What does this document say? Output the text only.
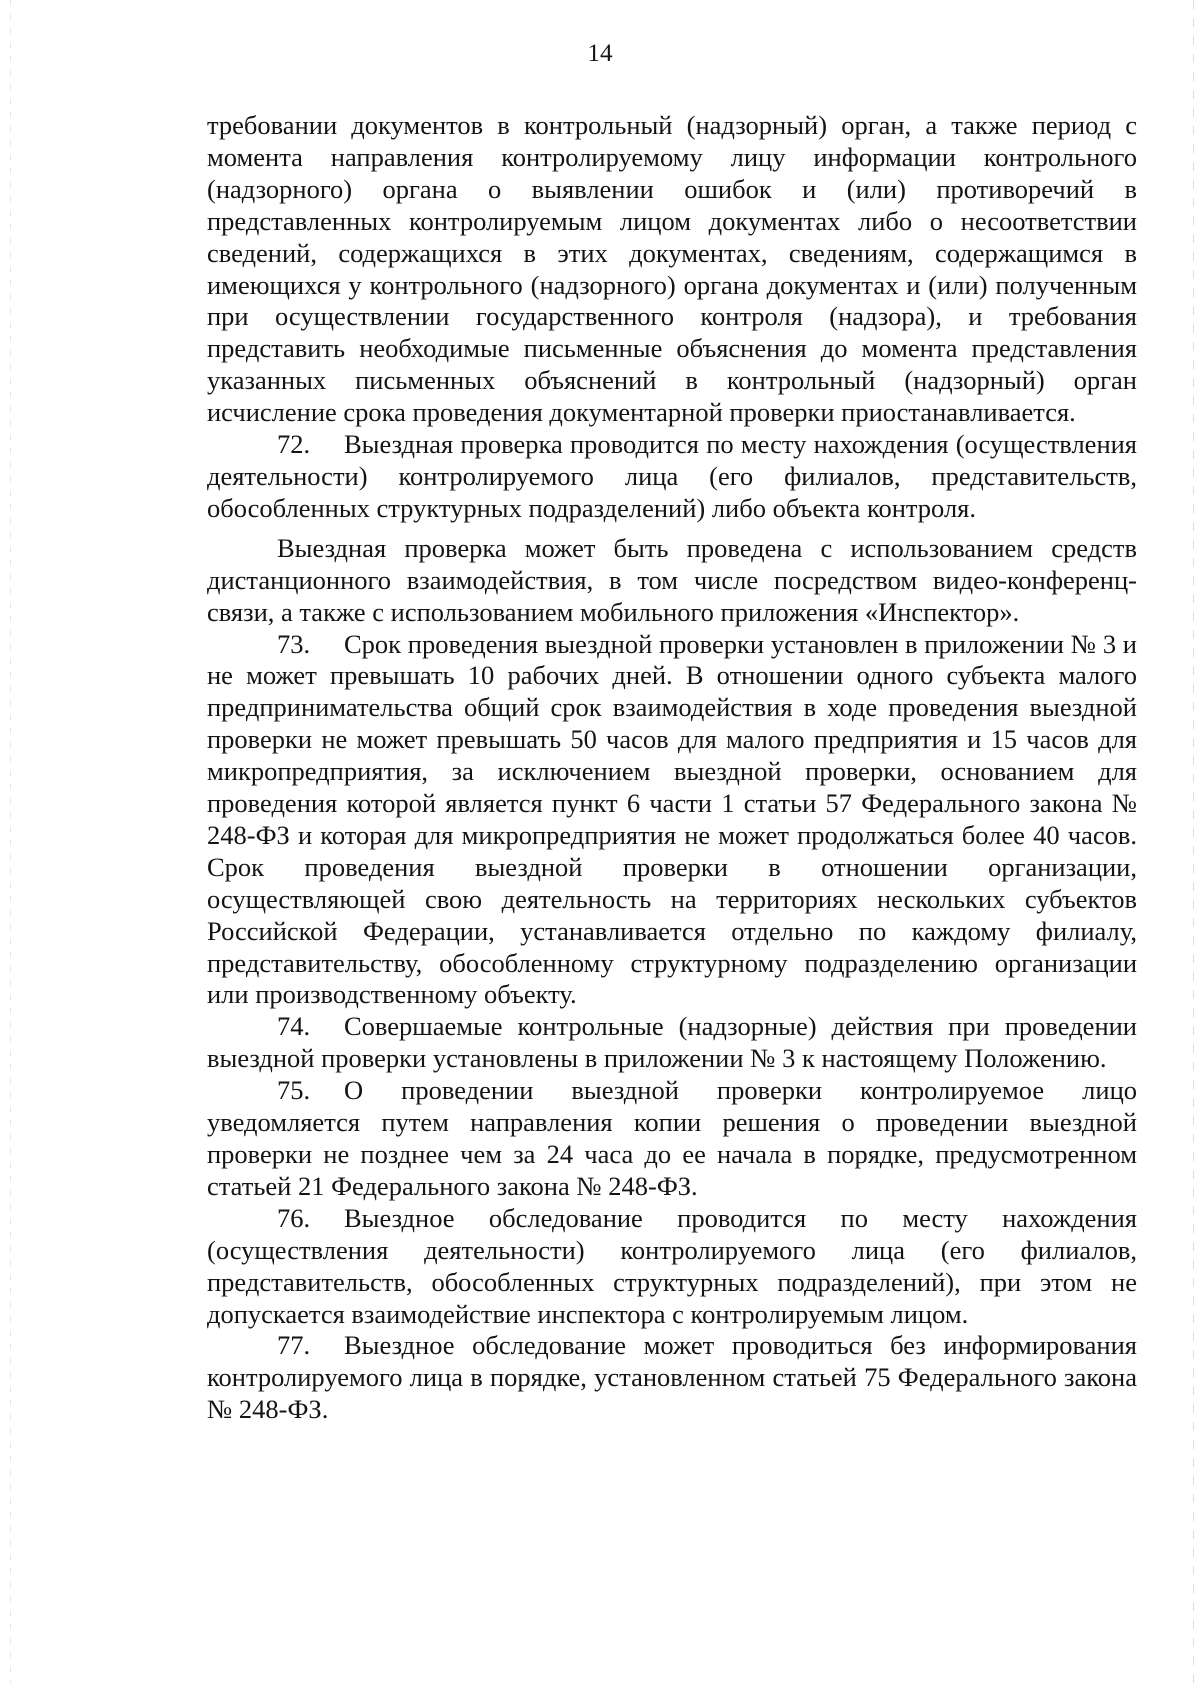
14

требовании документов в контрольный (надзорный) орган, а также период с момента направления контролируемому лицу информации контрольного (надзорного) органа о выявлении ошибок и (или) противоречий в представленных контролируемым лицом документах либо о несоответствии сведений, содержащихся в этих документах, сведениям, содержащимся в имеющихся у контрольного (надзорного) органа документах и (или) полученным при осуществлении государственного контроля (надзора), и требования представить необходимые письменные объяснения до момента представления указанных письменных объяснений в контрольный (надзорный) орган исчисление срока проведения документарной проверки приостанавливается.

72. Выездная проверка проводится по месту нахождения (осуществления деятельности) контролируемого лица (его филиалов, представительств, обособленных структурных подразделений) либо объекта контроля.

Выездная проверка может быть проведена с использованием средств дистанционного взаимодействия, в том числе посредством видео-конференц-связи, а также с использованием мобильного приложения «Инспектор».

73. Срок проведения выездной проверки установлен в приложении № 3 и не может превышать 10 рабочих дней. В отношении одного субъекта малого предпринимательства общий срок взаимодействия в ходе проведения выездной проверки не может превышать 50 часов для малого предприятия и 15 часов для микропредприятия, за исключением выездной проверки, основанием для проведения которой является пункт 6 части 1 статьи 57 Федерального закона № 248-ФЗ и которая для микропредприятия не может продолжаться более 40 часов. Срок проведения выездной проверки в отношении организации, осуществляющей свою деятельность на территориях нескольких субъектов Российской Федерации, устанавливается отдельно по каждому филиалу, представительству, обособленному структурному подразделению организации или производственному объекту.

74. Совершаемые контрольные (надзорные) действия при проведении выездной проверки установлены в приложении № 3 к настоящему Положению.

75. О проведении выездной проверки контролируемое лицо уведомляется путем направления копии решения о проведении выездной проверки не позднее чем за 24 часа до ее начала в порядке, предусмотренном статьей 21 Федерального закона № 248-ФЗ.

76. Выездное обследование проводится по месту нахождения (осуществления деятельности) контролируемого лица (его филиалов, представительств, обособленных структурных подразделений), при этом не допускается взаимодействие инспектора с контролируемым лицом.

77. Выездное обследование может проводиться без информирования контролируемого лица в порядке, установленном статьей 75 Федерального закона № 248-ФЗ.
